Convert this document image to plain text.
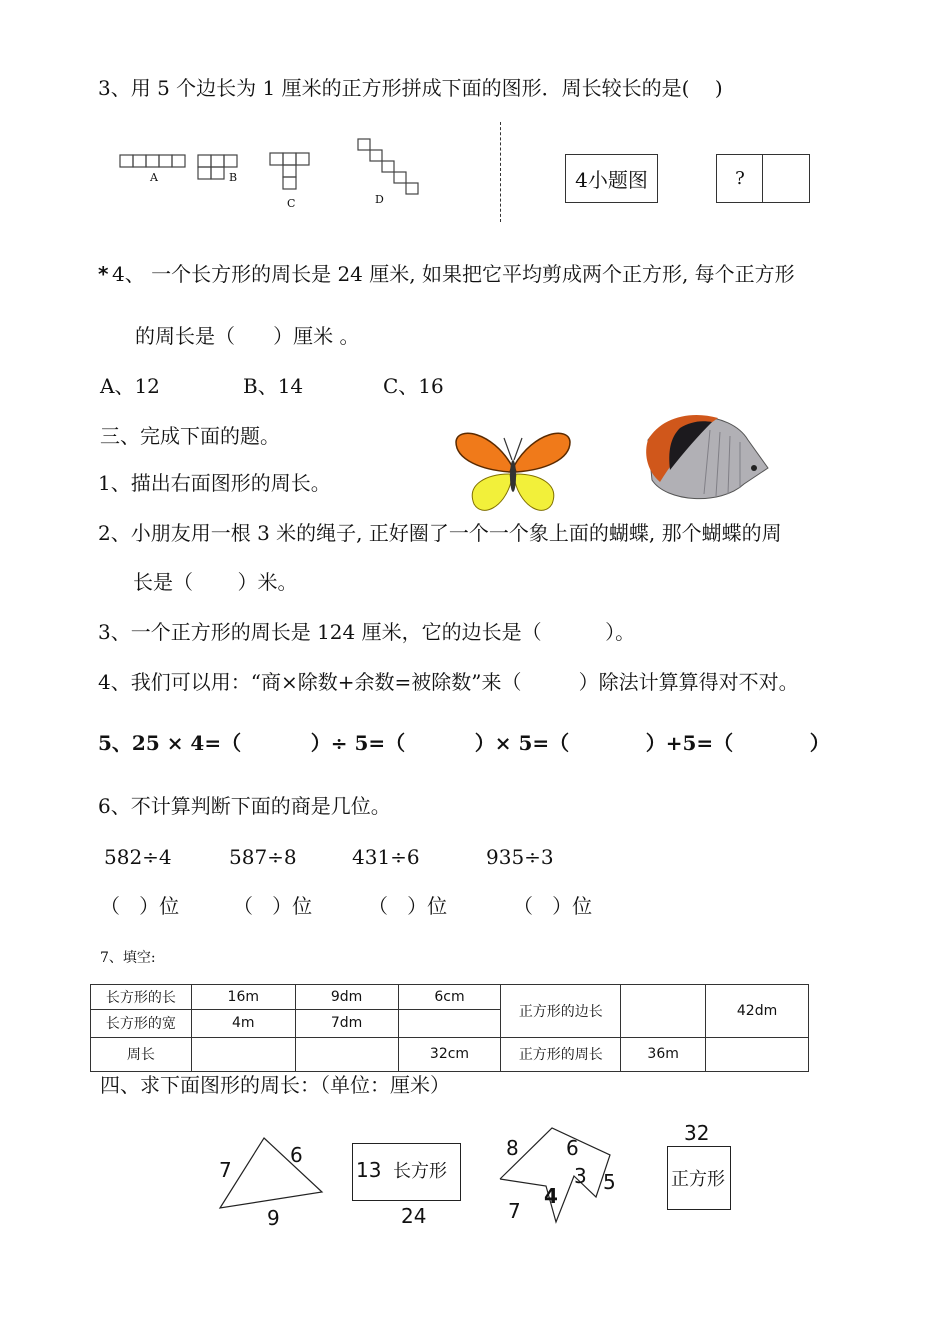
3、用 5 个边长为 1 厘米的正方形拼成下面的图形．周长较长的是(    )
A	B
C	D
4小题图	?
* 4、 一个长方形的周长是 24 厘米, 如果把它平均剪成两个正方形, 每个正方形
的周长是（      ）厘米 。
A、12	B、14	C、16
三、完成下面的题。
1、描出右面图形的周长。
2、小朋友用一根 3 米的绳子, 正好圈了一个一个象上面的蝴蝶, 那个蝴蝶的周
长是（       ）米。
3、一个正方形的周长是 124 厘米，它的边长是（          ）。
4、我们可以用：“商×除数+余数=被除数”来（         ）除法计算算得对不对。
5、25 × 4=（          ）÷ 5=（          ）× 5=（           ）+5=（           ）
6、不计算判断下面的商是几位。
582÷4	587÷8	431÷6	935÷3
（   ）位	（   ）位	（   ）位	（   ）位
7、填空:
长方形的长	16m	9dm	6cm	正方形的边长		42dm
长方形的宽	4m	7dm				
周长			32cm	正方形的周长	36m	
四、求下面图形的周长：（单位：厘米）
7
6
9
13 长方形
24
8 6
3 5
4
7
32
正方形
